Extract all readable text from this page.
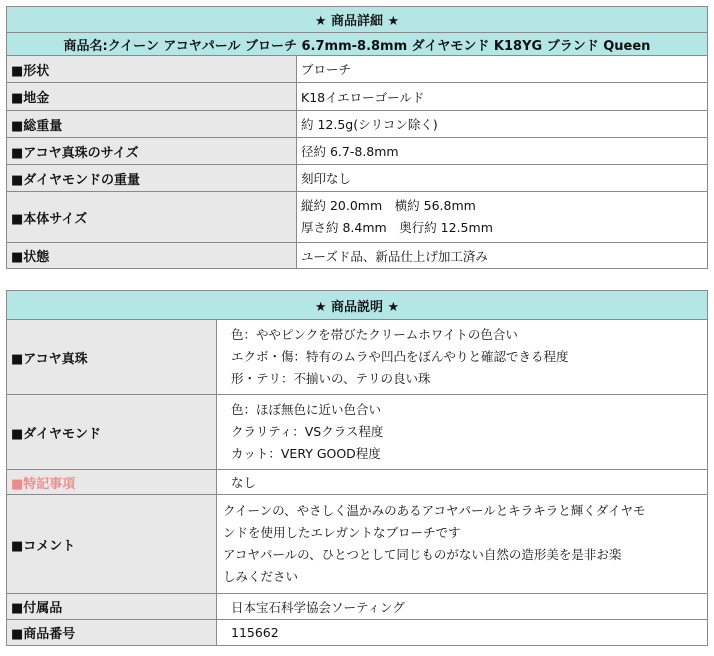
★ 商品詳細 ★	
商品名:クイーン アコヤパール ブローチ 6.7mm-8.8mm ダイヤモンド K18YG ブランド Queen	
■形状	ブローチ
■地金	K18イエローゴールド
■総重量	約 12.5g(シリコン除く)
■アコヤ真珠のサイズ	径約 6.7-8.8mm
■ダイヤモンドの重量	刻印なし
■本体サイズ	縦約 20.0mm　横約 56.8mm
厚さ約 8.4mm　奥行約 12.5mm

■状態	ユーズド品、新品仕上げ加工済み
★ 商品説明 ★	
■アコヤ真珠	色：ややピンクを帯びたクリームホワイトの色合い
エクボ・傷：特有のムラや凹凸をぼんやりと確認できる程度
形・テリ：不揃いの、テリの良い珠

■ダイヤモンド	色：ほぼ無色に近い色合い
クラリティ：VSクラス程度
カット：VERY GOOD程度

■特記事項	なし
■コメント	クイーンの、やさしく温かみのあるアコヤパールとキラキラと輝くダイヤモ
ンドを使用したエレガントなブローチです
アコヤパールの、ひとつとして同じものがない自然の造形美を是非お楽
しみください

■付属品	日本宝石科学協会ソーティング
■商品番号	115662
